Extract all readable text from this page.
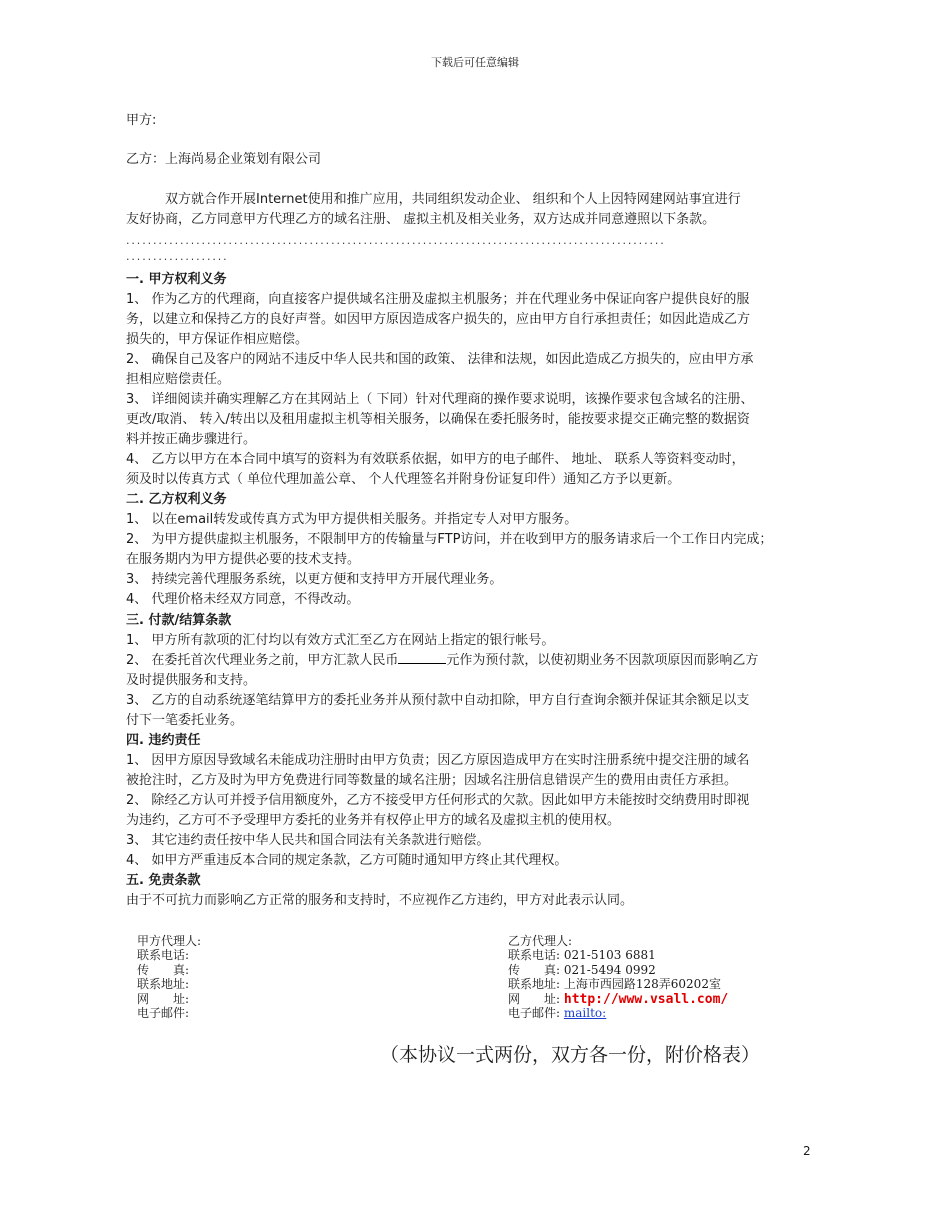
下载后可任意编辑
甲方:
乙方：上海尚易企业策划有限公司
　　　双方就合作开展Internet使用和推广应用，共同组织发动企业、 组织和个人上因特网建网站事宜进行
友好协商，乙方同意甲方代理乙方的域名注册、 虚拟主机及相关业务，双方达成并同意遵照以下条款。
....................................................................................................
...................
一. 甲方权利义务
1、 作为乙方的代理商，向直接客户提供域名注册及虚拟主机服务；并在代理业务中保证向客户提供良好的服
务，以建立和保持乙方的良好声誉。如因甲方原因造成客户损失的，应由甲方自行承担责任；如因此造成乙方
损失的，甲方保证作相应赔偿。
2、 确保自己及客户的网站不违反中华人民共和国的政策、 法律和法规，如因此造成乙方损失的，应由甲方承
担相应赔偿责任。
3、 详细阅读并确实理解乙方在其网站上（ 下同）针对代理商的操作要求说明，该操作要求包含域名的注册、
更改/取消、 转入/转出以及租用虚拟主机等相关服务，以确保在委托服务时，能按要求提交正确完整的数据资
料并按正确步骤进行。
4、 乙方以甲方在本合同中填写的资料为有效联系依据，如甲方的电子邮件、 地址、 联系人等资料变动时，
须及时以传真方式（ 单位代理加盖公章、 个人代理签名并附身份证复印件）通知乙方予以更新。
二. 乙方权利义务
1、 以在email转发或传真方式为甲方提供相关服务。并指定专人对甲方服务。
2、 为甲方提供虚拟主机服务，不限制甲方的传输量与FTP访问，并在收到甲方的服务请求后一个工作日内完成；
在服务期内为甲方提供必要的技术支持。
3、 持续完善代理服务系统，以更方便和支持甲方开展代理业务。
4、 代理价格未经双方同意，不得改动。
三. 付款/结算条款
1、 甲方所有款项的汇付均以有效方式汇至乙方在网站上指定的银行帐号。
2、 在委托首次代理业务之前，甲方汇款人民币	元作为预付款，以使初期业务不因款项原因而影响乙方
及时提供服务和支持。
3、 乙方的自动系统逐笔结算甲方的委托业务并从预付款中自动扣除，甲方自行查询余额并保证其余额足以支
付下一笔委托业务。
四. 违约责任
1、 因甲方原因导致域名未能成功注册时由甲方负责；因乙方原因造成甲方在实时注册系统中提交注册的域名
被抢注时，乙方及时为甲方免费进行同等数量的域名注册；因域名注册信息错误产生的费用由责任方承担。
2、 除经乙方认可并授予信用额度外，乙方不接受甲方任何形式的欠款。因此如甲方未能按时交纳费用时即视
为违约，乙方可不予受理甲方委托的业务并有权停止甲方的域名及虚拟主机的使用权。
3、 其它违约责任按中华人民共和国合同法有关条款进行赔偿。
4、 如甲方严重违反本合同的规定条款，乙方可随时通知甲方终止其代理权。
五. 免责条款
由于不可抗力而影响乙方正常的服务和支持时，不应视作乙方违约，甲方对此表示认同。
甲方代理人:
联系电话:
传　　真:
联系地址:
网　　址:
电子邮件:
乙方代理人:
联系电话: 021-5103 6881
传　　真: 021-5494 0992
联系地址: 上海市西园路128弄60202室
网　　址: http://www.vsall.com/
电子邮件: mailto:
（本协议一式两份，双方各一份，附价格表）
2
